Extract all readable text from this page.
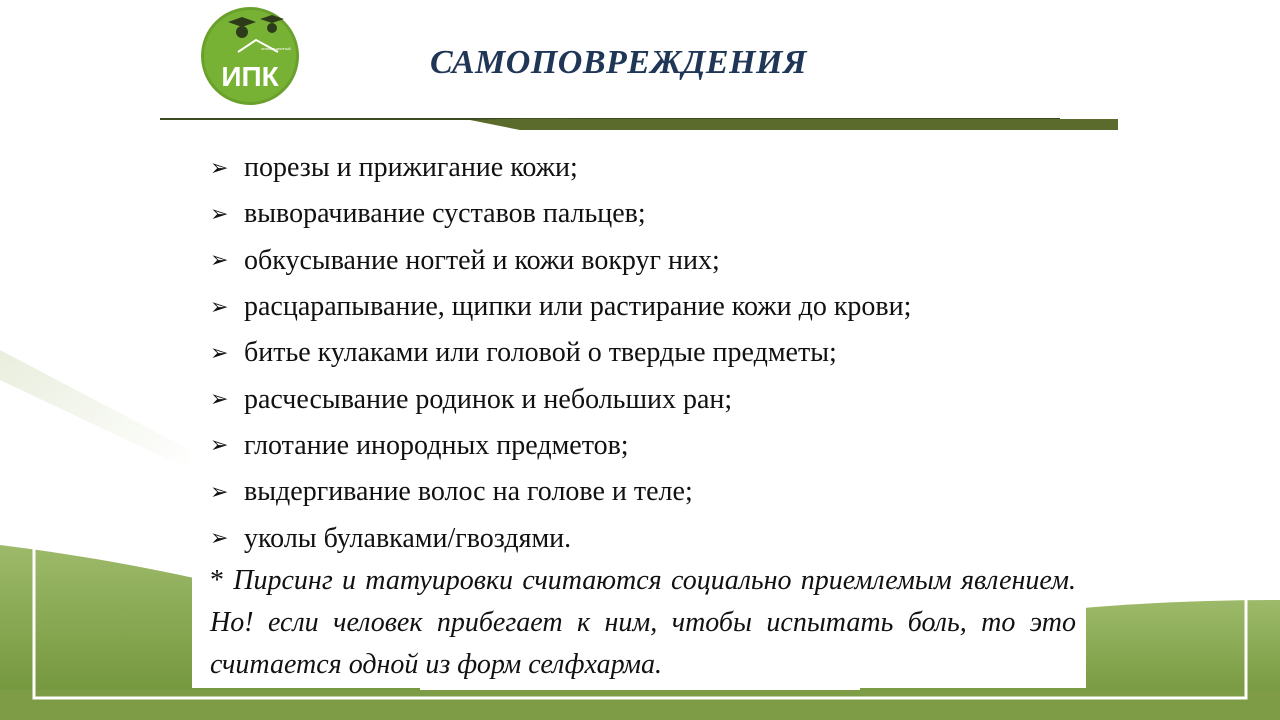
ИПК
инновационный	САМОПОВРЕЖДЕНИЯ
➢ порезы и прижигание кожи;
➢ выворачивание суставов пальцев;
➢ обкусывание ногтей и кожи вокруг них;
➢ расцарапывание, щипки или растирание кожи до крови;
➢ битье кулаками или головой о твердые предметы;
➢ расчесывание родинок и небольших ран;
➢ глотание инородных предметов;
➢ выдергивание волос на голове и теле;
➢ уколы булавками/гвоздями.
* Пирсинг и татуировки считаются социально приемлемым явлением. Но! если человек прибегает к ним, чтобы испытать боль, то это считается одной из форм селфхарма.
